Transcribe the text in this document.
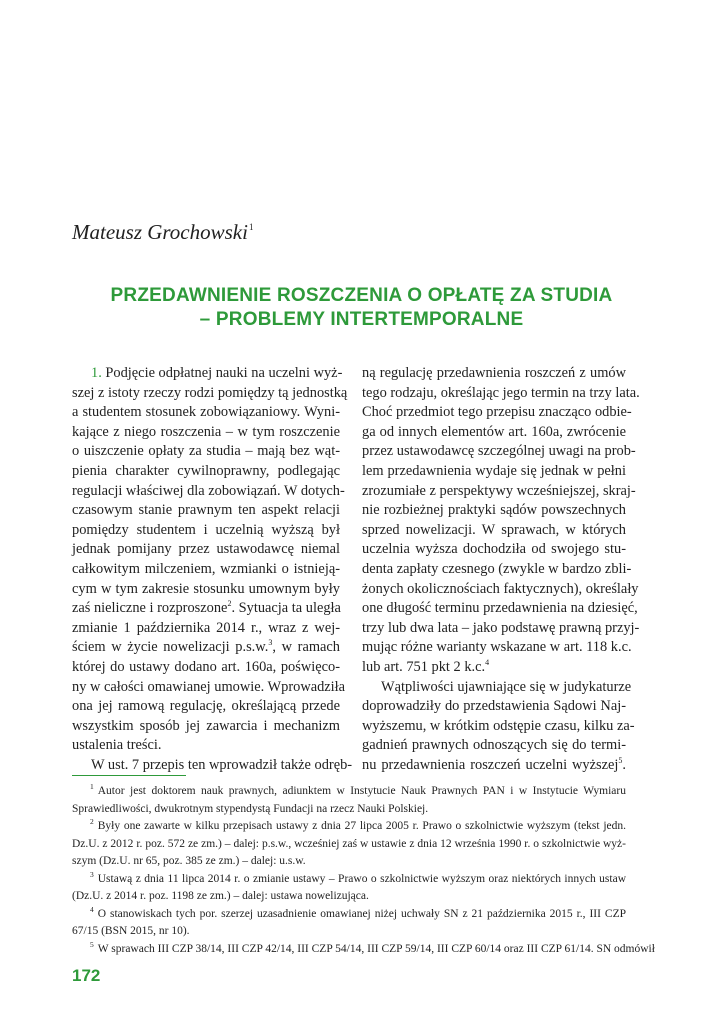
Mateusz Grochowski$^1$
PRZEDAWNIENIE ROSZCZENIA O OPŁATĘ ZA STUDIA
– PROBLEMY INTERTEMPORALNE
1. Podjęcie odpłatnej nauki na uczelni wyż-
szej z istoty rzeczy rodzi pomiędzy tą jednostką
a studentem stosunek zobowiązaniowy. Wyni-
kające z niego roszczenia – w tym roszczenie
o uiszczenie opłaty za studia – mają bez wąt-
pienia charakter cywilnoprawny, podlegając
regulacji właściwej dla zobowiązań. W dotych-
czasowym stanie prawnym ten aspekt relacji
pomiędzy studentem i uczelnią wyższą był
jednak pomijany przez ustawodawcę niemal
całkowitym milczeniem, wzmianki o istnieją-
cym w tym zakresie stosunku umownym były
zaś nieliczne i rozproszone$^2$. Sytuacja ta uległa
zmianie 1 października 2014 r., wraz z wej-
ściem w życie nowelizacji p.s.w.$^3$, w ramach
której do ustawy dodano art. 160a, poświęco-
ny w całości omawianej umowie. Wprowadziła
ona jej ramową regulację, określającą przede
wszystkim sposób jej zawarcia i mechanizm
ustalenia treści.
W ust. 7 przepis ten wprowadził także odręb-
ną regulację przedawnienia roszczeń z umów
tego rodzaju, określając jego termin na trzy lata.
Choć przedmiot tego przepisu znacząco odbie-
ga od innych elementów art. 160a, zwrócenie
przez ustawodawcę szczególnej uwagi na prob-
lem przedawnienia wydaje się jednak w pełni
zrozumiałe z perspektywy wcześniejszej, skraj-
nie rozbieżnej praktyki sądów powszechnych
sprzed nowelizacji. W sprawach, w których
uczelnia wyższa dochodziła od swojego stu-
denta zapłaty czesnego (zwykle w bardzo zbli-
żonych okolicznościach faktycznych), określały
one długość terminu przedawnienia na dziesięć,
trzy lub dwa lata – jako podstawę prawną przyj-
mując różne warianty wskazane w art. 118 k.c.
lub art. 751 pkt 2 k.c.$^4$
Wątpliwości ujawniające się w judykaturze
doprowadziły do przedstawienia Sądowi Naj-
wyższemu, w krótkim odstępie czasu, kilku za-
gadnień prawnych odnoszących się do termi-
nu przedawnienia roszczeń uczelni wyższej$^5$.
$^1$ Autor jest doktorem nauk prawnych, adiunktem w Instytucie Nauk Prawnych PAN i w Instytucie Wymiaru
Sprawiedliwości, dwukrotnym stypendystą Fundacji na rzecz Nauki Polskiej.
$^2$ Były one zawarte w kilku przepisach ustawy z dnia 27 lipca 2005 r. Prawo o szkolnictwie wyższym (tekst jedn.
Dz.U. z 2012 r. poz. 572 ze zm.) – dalej: p.s.w., wcześniej zaś w ustawie z dnia 12 września 1990 r. o szkolnictwie wyż-
szym (Dz.U. nr 65, poz. 385 ze zm.) – dalej: u.s.w.
$^3$ Ustawą z dnia 11 lipca 2014 r. o zmianie ustawy – Prawo o szkolnictwie wyższym oraz niektórych innych ustaw
(Dz.U. z 2014 r. poz. 1198 ze zm.) – dalej: ustawa nowelizująca.
$^4$ O stanowiskach tych por. szerzej uzasadnienie omawianej niżej uchwały SN z 21 października 2015 r., III CZP
67/15 (BSN 2015, nr 10).
$^5$ W sprawach III CZP 38/14, III CZP 42/14, III CZP 54/14, III CZP 59/14, III CZP 60/14 oraz III CZP 61/14. SN odmówił
172
